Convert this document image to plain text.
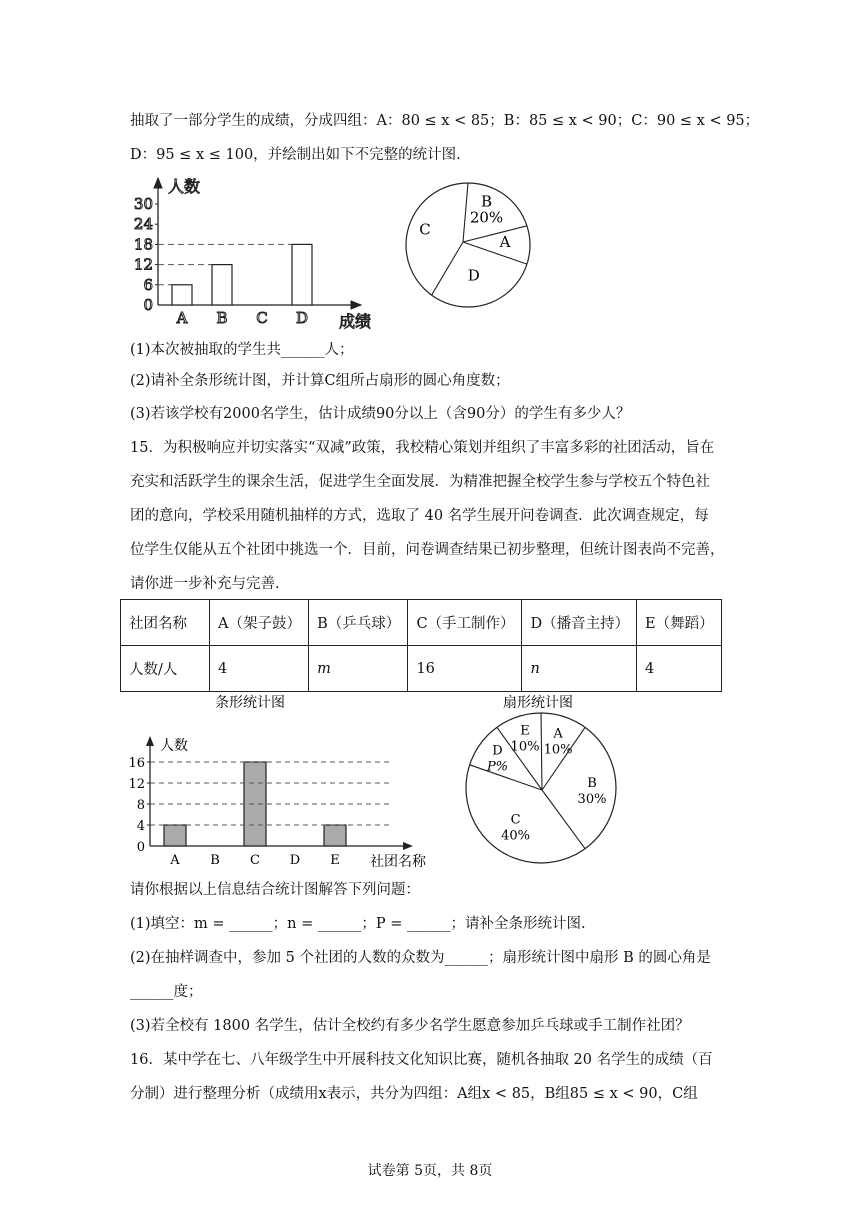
抽取了一部分学生的成绩，分成四组：A：80 ≤ x < 85；B：85 ≤ x < 90；C：90 ≤ x < 95；
D：95 ≤ x ≤ 100，并绘制出如下不完整的统计图.
0
6
12
18
24
30
人数
成绩
A B C D
B
20%
A
D
C
(1)本次被抽取的学生共______人；
(2)请补全条形统计图，并计算C组所占扇形的圆心角度数；
(3)若该学校有2000名学生，估计成绩90分以上（含90分）的学生有多少人？
15．为积极响应并切实落实“双减”政策，我校精心策划并组织了丰富多彩的社团活动，旨在
充实和活跃学生的课余生活，促进学生全面发展．为精准把握全校学生参与学校五个特色社
团的意向，学校采用随机抽样的方式，选取了 40 名学生展开问卷调查．此次调查规定，每
位学生仅能从五个社团中挑选一个．目前，问卷调查结果已初步整理，但统计图表尚不完善，
请你进一步补充与完善.
社团名称	A（架子鼓）	B（乒乓球）	C（手工制作）	D（播音主持）	E（舞蹈）
人数/人	4	m	16	n	4
条形统计图
0
4
8
12
16
人数
社团名称
A B C D E
扇形统计图
A
10%
B
30%
C
40%
D
P%
E
10%
请你根据以上信息结合统计图解答下列问题：
(1)填空：m = ______；n = ______；P = ______；请补全条形统计图.
(2)在抽样调查中，参加 5 个社团的人数的众数为______；扇形统计图中扇形 B 的圆心角是
______度；
(3)若全校有 1800 名学生，估计全校约有多少名学生愿意参加乒乓球或手工制作社团？
16．某中学在七、八年级学生中开展科技文化知识比赛，随机各抽取 20 名学生的成绩（百
分制）进行整理分析（成绩用x表示，共分为四组：A组x < 85，B组85 ≤ x < 90，C组
试卷第 5页，共 8页
